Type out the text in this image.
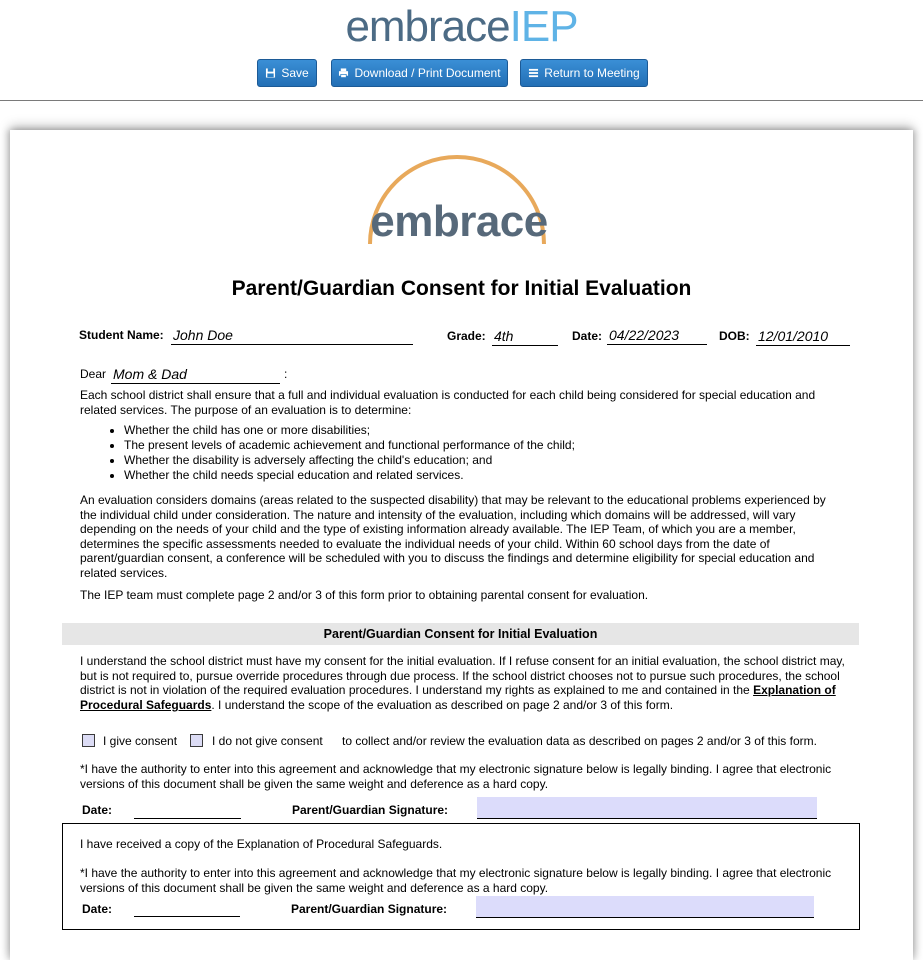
embraceIEP
Save	Download / Print Document	Return to Meeting
embrace
Parent/Guardian Consent for Initial Evaluation
Student Name: John Doe	Grade: 4th	Date: 04/22/2023	DOB: 12/01/2010
Dear Mom & Dad	:
Each school district shall ensure that a full and individual evaluation is conducted for each child being considered for special education and related services. The purpose of an evaluation is to determine:
• Whether the child has one or more disabilities;
• The present levels of academic achievement and functional performance of the child;
• Whether the disability is adversely affecting the child's education; and
• Whether the child needs special education and related services.
An evaluation considers domains (areas related to the suspected disability) that may be relevant to the educational problems experienced by the individual child under consideration. The nature and intensity of the evaluation, including which domains will be addressed, will vary depending on the needs of your child and the type of existing information already available. The IEP Team, of which you are a member, determines the specific assessments needed to evaluate the individual needs of your child. Within 60 school days from the date of parent/guardian consent, a conference will be scheduled with you to discuss the findings and determine eligibility for special education and related services.
The IEP team must complete page 2 and/or 3 of this form prior to obtaining parental consent for evaluation.
Parent/Guardian Consent for Initial Evaluation
I understand the school district must have my consent for the initial evaluation. If I refuse consent for an initial evaluation, the school district may, but is not required to, pursue override procedures through due process. If the school district chooses not to pursue such procedures, the school district is not in violation of the required evaluation procedures. I understand my rights as explained to me and contained in the Explanation of Procedural Safeguards. I understand the scope of the evaluation as described on page 2 and/or 3 of this form.
I give consent	I do not give consent to collect and/or review the evaluation data as described on pages 2 and/or 3 of this form.
*I have the authority to enter into this agreement and acknowledge that my electronic signature below is legally binding. I agree that electronic versions of this document shall be given the same weight and deference as a hard copy.
Date:	Parent/Guardian Signature:
I have received a copy of the Explanation of Procedural Safeguards.
*I have the authority to enter into this agreement and acknowledge that my electronic signature below is legally binding. I agree that electronic versions of this document shall be given the same weight and deference as a hard copy.
Date:	Parent/Guardian Signature:
